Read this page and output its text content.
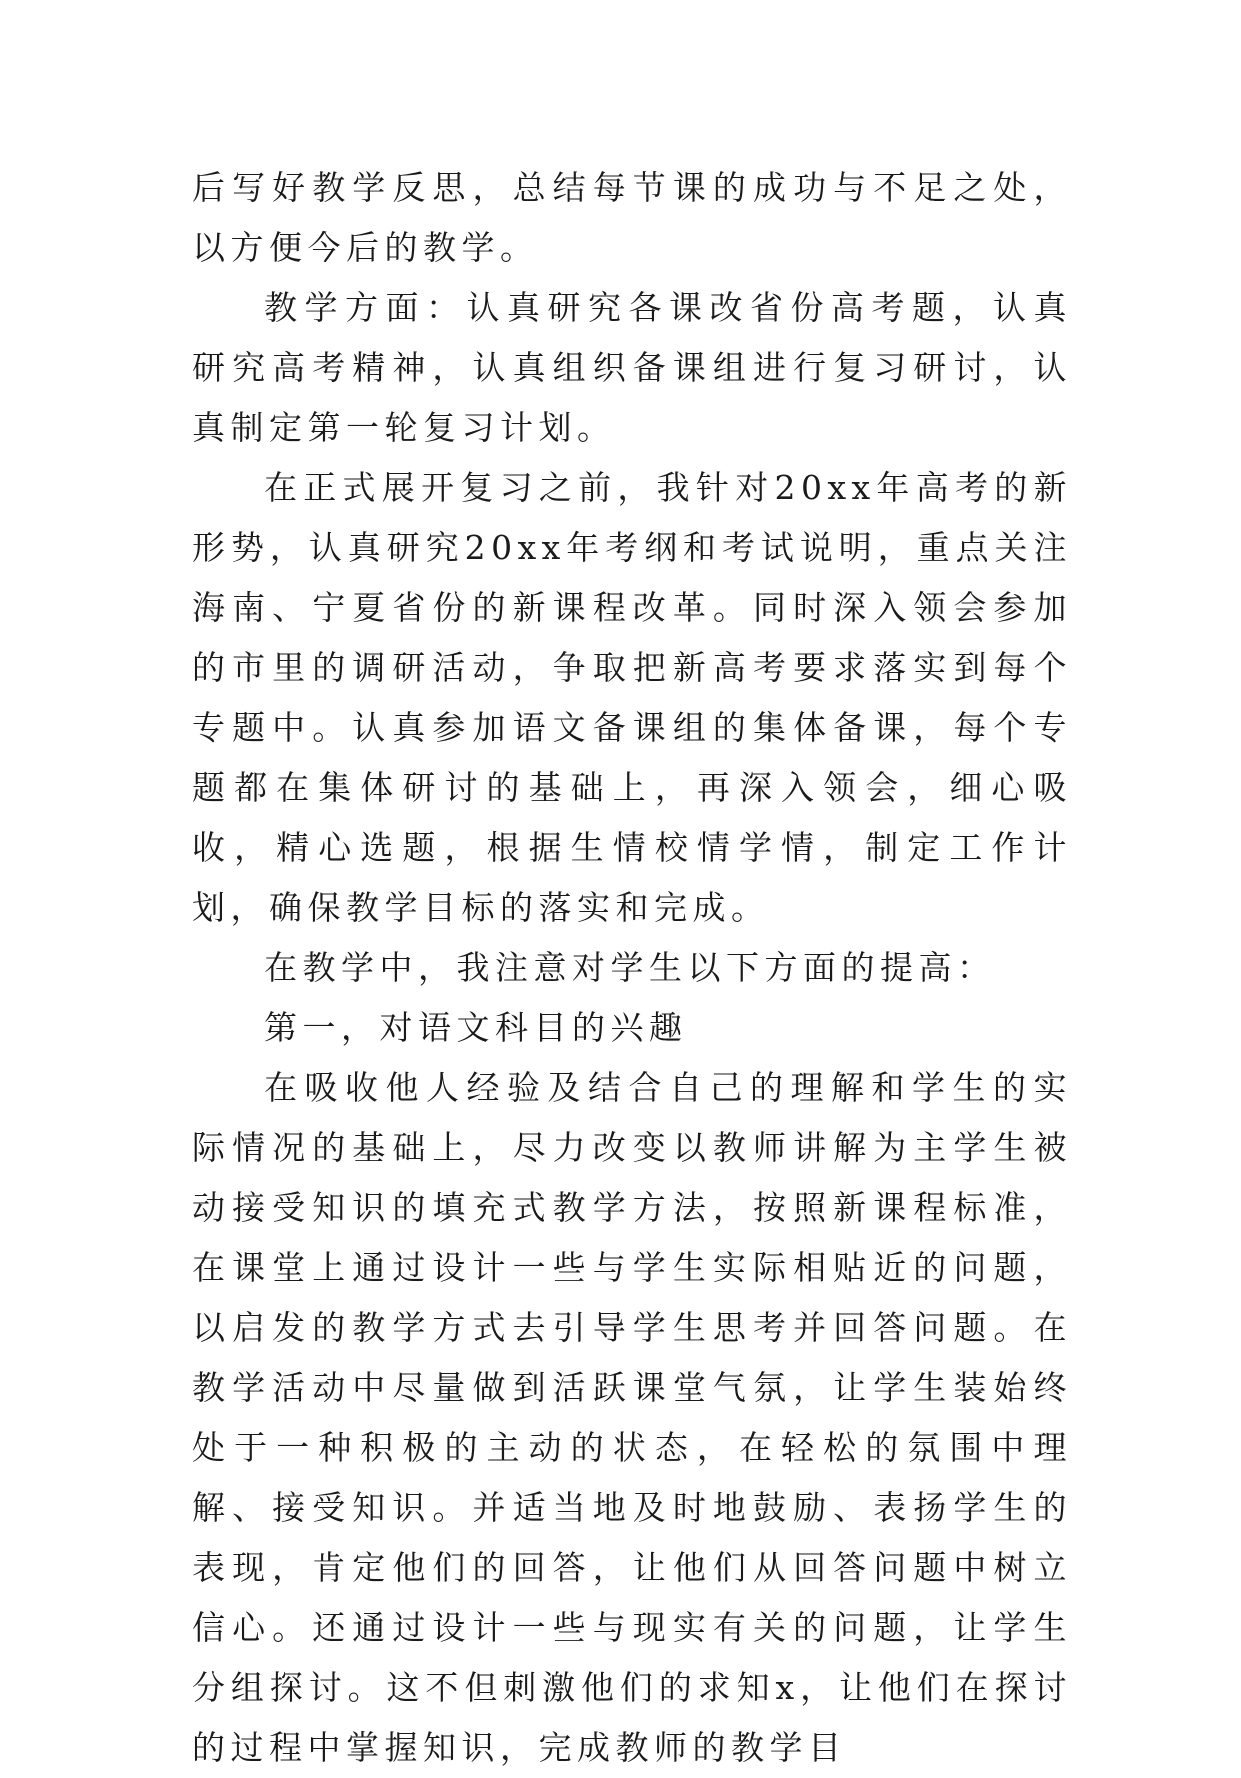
后写好教学反思，总结每节课的成功与不足之处，以方便今后的教学。

教学方面：认真研究各课改省份高考题，认真研究高考精神，认真组织备课组进行复习研讨，认真制定第一轮复习计划。

在正式展开复习之前，我针对20xx年高考的新形势，认真研究20xx年考纲和考试说明，重点关注海南、宁夏省份的新课程改革。同时深入领会参加的市里的调研活动，争取把新高考要求落实到每个专题中。认真参加语文备课组的集体备课，每个专题都在集体研讨的基础上，再深入领会，细心吸收，精心选题，根据生情校情学情，制定工作计划，确保教学目标的落实和完成。

在教学中，我注意对学生以下方面的提高：

第一，对语文科目的兴趣

在吸收他人经验及结合自己的理解和学生的实际情况的基础上，尽力改变以教师讲解为主学生被动接受知识的填充式教学方法，按照新课程标准，在课堂上通过设计一些与学生实际相贴近的问题，以启发的教学方式去引导学生思考并回答问题。在教学活动中尽量做到活跃课堂气氛，让学生装始终处于一种积极的主动的状态，在轻松的氛围中理解、接受知识。并适当地及时地鼓励、表扬学生的表现，肯定他们的回答，让他们从回答问题中树立信心。还通过设计一些与现实有关的问题，让学生分组探讨。这不但刺激他们的求知x，让他们在探讨的过程中掌握知识，完成教师的教学目
